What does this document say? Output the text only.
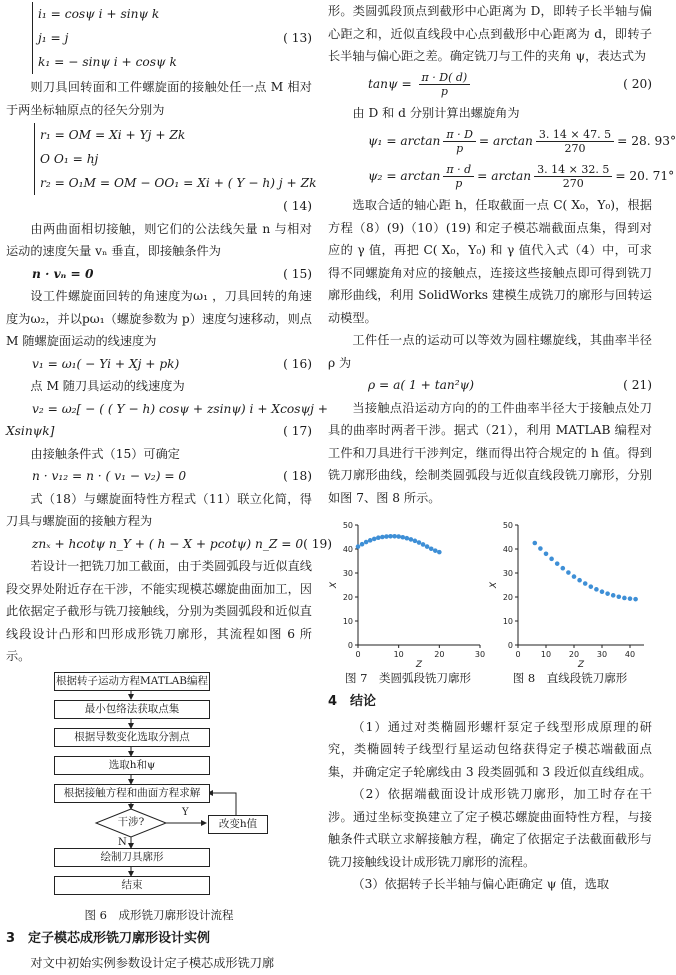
i₁ = cosψ i + sinψ k
j₁ = j
k₁ = − sinψ i + cosψ k
( 13)

则刀具回转面和工件螺旋面的接触处任一点 M 相对于两坐标轴原点的径矢分别为

r₁ = OM = Xi + Yj + Zk
O O₁ = hj
r₂ = O₁M = OM − OO₁ = Xi + ( Y − h) j + Zk
( 14)

由两曲面相切接触，则它们的公法线矢量 n 与相对运动的速度矢量 vₙ 垂直，即接触条件为

n · vₙ = 0	( 15)

设工件螺旋面回转的角速度为ω₁ ，刀具回转的角速度为ω₂，并以pω₁（螺旋参数为 p）速度匀速移动，则点 M 随螺旋面运动的线速度为

v₁ = ω₁( − Yi + Xj + pk)	( 16)

点 M 随刀具运动的线速度为

v₂ = ω₂[ − ( ( Y − h) cosψ + zsinψ) i + Xcosψj +
Xsinψk]	( 17)

由接触条件式（15）可确定

n · v₁₂ = n · ( v₁ − v₂) = 0	( 18)

式（18）与螺旋面特性方程式（11）联立化简，得刀具与螺旋面的接触方程为

znₓ + hcotψ n_Y + ( h − X + pcotψ) n_Z = 0 ( 19)

若设计一把铣刀加工截面，由于类圆弧段与近似直线段交界处附近存在干涉，不能实现模芯螺旋曲面加工，因此依据定子截形与铣刀接触线，分别为类圆弧段和近似直线段设计凸形和凹形成形铣刀廓形，其流程如图 6 所示。

根据转子运动方程MATLAB编程
最小包络法获取点集
根据导数变化选取分割点
选取h和ψ
根据接触方程和曲面方程求解
干涉?
Y
N
改变h值
绘制刀具廓形
结束
图 6　成形铣刀廓形设计流程
3　定子模芯成形铣刀廓形设计实例

对文中初始实例参数设计定子模芯成形铣刀廓

形。类圆弧段顶点到截形中心距离为 D，即转子长半轴与偏心距之和，近似直线段中心点到截形中心距离为 d，即转子长半轴与偏心距之差。确定铣刀与工件的夹角 ψ，表达式为

$\tan\psi = \frac{\pi \cdot D( d)}{p}$	( 20)

由 D 和 d 分别计算出螺旋角为

$\psi_1 = \arctan \frac{\pi \cdot D}{p} = \arctan \frac{3. 14 \times 47. 5}{270} = 28$. 93°
$\psi_2 = \arctan \frac{\pi \cdot d}{p} = \arctan \frac{3. 14 \times 32. 5}{270} = 20$. 71°

选取合适的轴心距 h，任取截面一点 C( X₀，Y₀)，根据方程（8）(9)（10）(19) 和定子模芯端截面点集，得到对应的 γ 值，再把 C( X₀，Y₀) 和 γ 值代入式（4）中，可求得不同螺旋角对应的接触点，连接这些接触点即可得到铣刀廓形曲线，利用 SolidWorks 建模生成铣刀的廓形与回转运动模型。

工件任一点的运动可以等效为圆柱螺旋线，其曲率半径ρ 为

ρ = a( 1 + tan²ψ)	( 21)

当接触点沿运动方向的的工件曲率半径大于接触点处刀具的曲率时两者干涉。据式（21），利用 MATLAB 编程对工件和刀具进行干涉判定，继而得出符合规定的 h 值。得到铣刀廓形曲线，绘制类圆弧段与近似直线段铣刀廓形，分别如图 7、图 8 所示。

0
10
20
30
40
50
0	10	20	30
Z
X
0
10
20
30
40
50
0	10 20 30 40
Z
X
图 7　类圆弧段铣刀廓形	图 8　直线段铣刀廓形
4　结论

（1）通过对类椭圆形螺杆泵定子线型形成原理的研究，类椭圆转子线型行星运动包络获得定子模芯端截面点集，并确定定子轮廓线由 3 段类圆弧和 3 段近似直线组成。

（2）依据端截面设计成形铣刀廓形，加工时存在干涉。通过坐标变换建立了定子模芯螺旋曲面特性方程，与接触条件式联立求解接触方程，确定了依据定子法截面截形与铣刀接触线设计成形铣刀廓形的流程。

（3）依据转子长半轴与偏心距确定 ψ 值，选取
